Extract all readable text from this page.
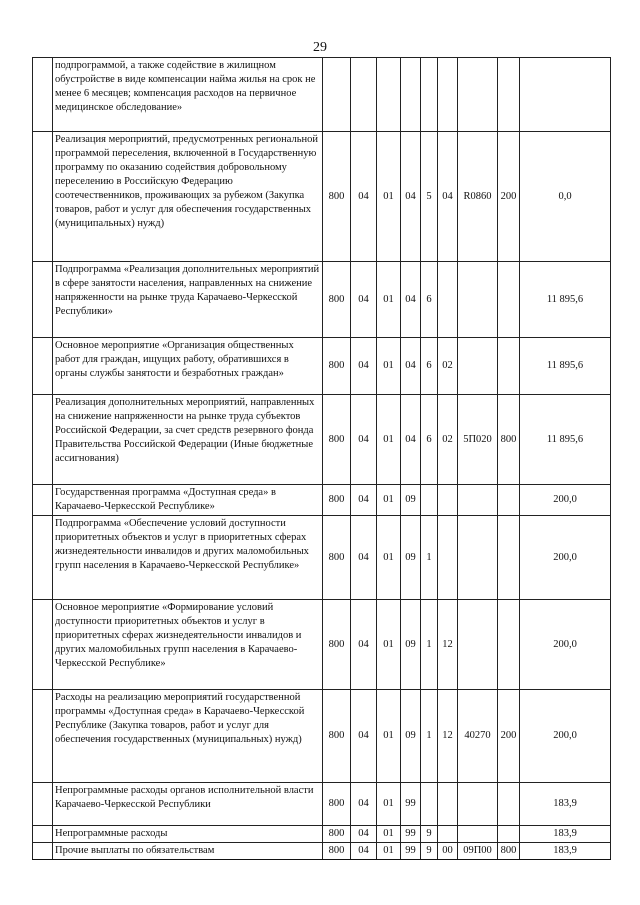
29
	подпрограммой, а также содействие в жилищном обустройстве в виде компенсации найма жилья на срок не менее 6 месяцев; компенсация расходов на первичное медицинское обследование»									
	Реализация мероприятий, предусмотренных региональной программой переселения, включенной в Государственную программу по оказанию содействия добровольному переселению в Российскую Федерацию соотечественников, проживающих за рубежом (Закупка товаров, работ и услуг для обеспечения государственных (муниципальных) нужд)	800	04	01	04	5	04	R0860	200	0,0
	Подпрограмма «Реализация дополнительных мероприятий в сфере занятости населения, направленных на снижение напряженности на рынке труда Карачаево-Черкесской Республики»	800	04	01	04	6				11 895,6
	Основное мероприятие «Организация общественных работ для граждан, ищущих работу, обратившихся в органы службы занятости и безработных граждан»	800	04	01	04	6	02			11 895,6
	Реализация дополнительных мероприятий, направленных на снижение напряженности на рынке труда субъектов Российской Федерации, за счет средств резервного фонда Правительства Российской Федерации (Иные бюджетные ассигнования)	800	04	01	04	6	02	5П020	800	11 895,6
	Государственная программа «Доступная среда» в Карачаево-Черкесской Республике»	800	04	01	09					200,0
	Подпрограмма «Обеспечение условий доступности приоритетных объектов и услуг в приоритетных сферах жизнедеятельности инвалидов и других маломобильных групп населения в Карачаево-Черкесской Республике»	800	04	01	09	1				200,0
	Основное мероприятие «Формирование условий доступности приоритетных объектов и услуг в приоритетных сферах жизнедеятельности инвалидов и других маломобильных групп населения в Карачаево-Черкесской Республике»	800	04	01	09	1	12			200,0
	Расходы на реализацию мероприятий государственной программы «Доступная среда» в Карачаево-Черкесской Республике (Закупка товаров, работ и услуг для обеспечения государственных (муниципальных) нужд)	800	04	01	09	1	12	40270	200	200,0
	Непрограммные расходы органов исполнительной власти Карачаево-Черкесской Республики	800	04	01	99					183,9
	Непрограммные расходы	800	04	01	99	9				183,9
	Прочие выплаты по обязательствам	800	04	01	99	9	00	09П00	800	183,9
